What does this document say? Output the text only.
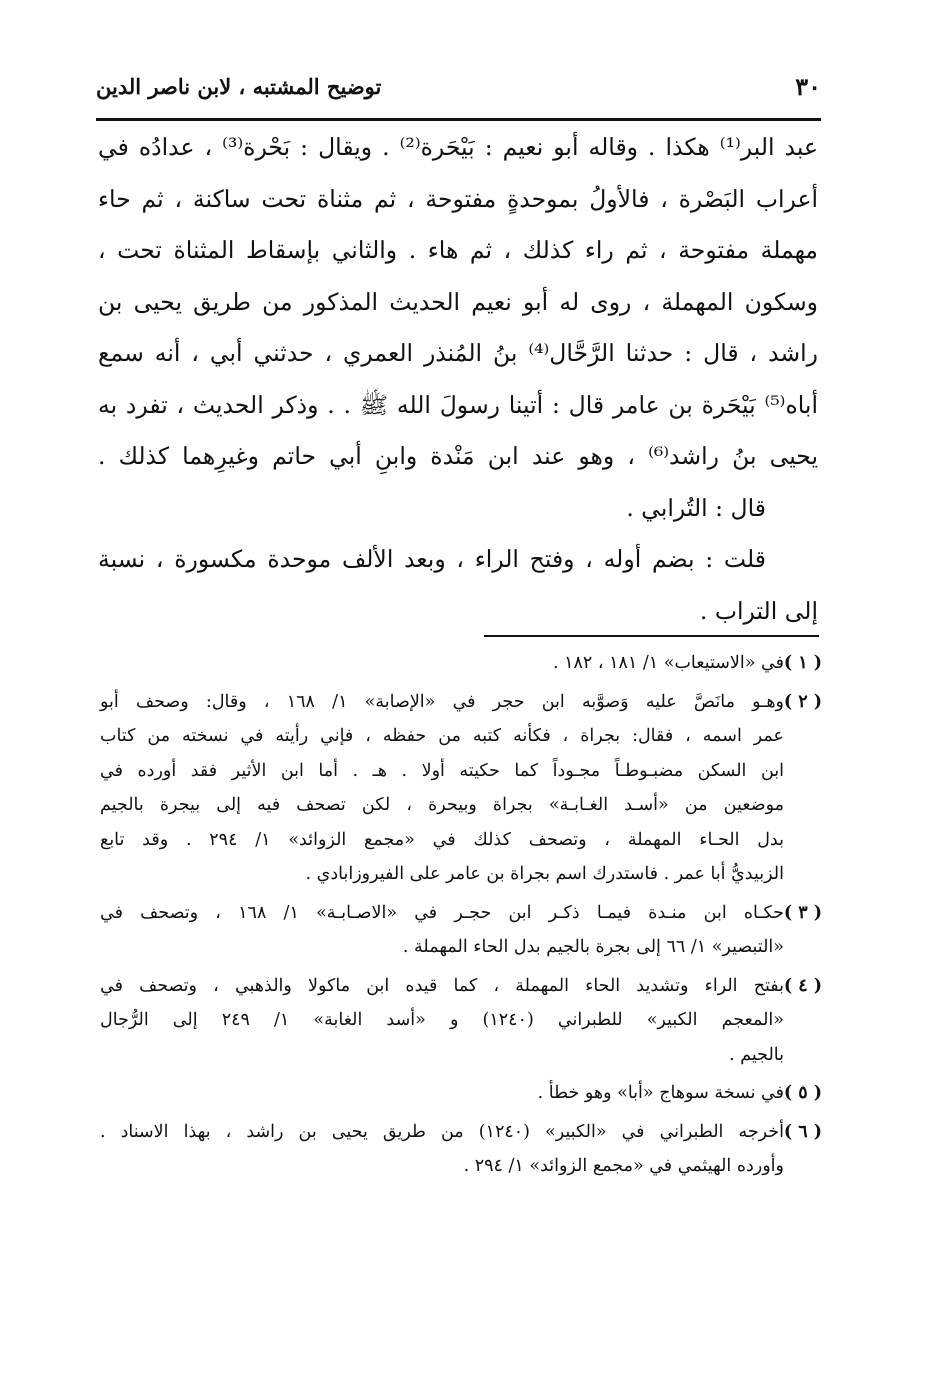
٣٠
توضيح المشتبه ، لابن ناصر الدين
عبد البر⁽¹⁾ هكذا . وقاله أبو نعيم : بَيْحَرة⁽²⁾ . ويقال : بَحْرة⁽³⁾ ، عدادُه في
أعراب البَصْرة ، فالأولُ بموحدةٍ مفتوحة ، ثم مثناة تحت ساكنة ، ثم حاء
مهملة مفتوحة ، ثم راء كذلك ، ثم هاء . والثاني بإسقاط المثناة تحت ،
وسكون المهملة ، روى له أبو نعيم الحديث المذكور من طريق يحيى بن
راشد ، قال : حدثنا الرَّحَّال⁽⁴⁾ بنُ المُنذر العمري ، حدثني أبي ، أنه سمع
أباه⁽⁵⁾ بَيْحَرة بن عامر قال : أتينا رسولَ الله ﷺ . . وذكر الحديث ، تفرد به
يحيى بنُ راشد⁽⁶⁾ ، وهو عند ابن مَنْدة وابنِ أبي حاتم وغيرِهما كذلك .
قال : التُرابي .
قلت : بضم أوله ، وفتح الراء ، وبعد الألف موحدة مكسورة ، نسبة
إلى التراب .
( ١ )
في «الاستيعاب» ١/ ١٨١ ، ١٨٢ .
( ٢ )
وهـو مانَصَّ عليه وَصوَّبه ابن حجر في «الإصابة» ١/ ١٦٨ ، وقال: وصحف أبو
عمر اسمه ، فقال: بجراة ، فكأنه كتبه من حفظه ، فإني رأيته في نسخته من كتاب
ابن السكن مضبـوطـاً مجـوداً كما حكيته أولا . هـ . أما ابن الأثير فقد أورده في
موضعين من «أسـد الغـابـة» بجراة وبيحرة ، لكن تصحف فيه إلى بيجرة بالجيم
بدل الحـاء المهملة ، وتصحف كذلك في «مجمع الزوائد» ١/ ٢٩٤ . وقد تابع
الزبيديُّ أبا عمر . فاستدرك اسم بجراة بن عامر على الفيروزابادي .
( ٣ )
حكـاه ابن منـدة فيمـا ذكـر ابن حجـر في «الاصـابـة» ١/ ١٦٨ ، وتصحف في
«التبصير» ١/ ٦٦ إلى بجرة بالجيم بدل الحاء المهملة .
( ٤ )
بفتح الراء وتشديد الحاء المهملة ، كما قيده ابن ماكولا والذهبي ، وتصحف في
«المعجم الكبير» للطبراني (١٢٤٠) و «أسد الغابة» ١/ ٢٤٩ إلى الرُّجال
بالجيم .
( ٥ )
في نسخة سوهاج «أبا» وهو خطأ .
( ٦ )
أخرجه الطبراني في «الكبير» (١٢٤٠) من طريق يحيى بن راشد ، بهذا الاسناد .
وأورده الهيثمي في «مجمع الزوائد» ١/ ٢٩٤ .
